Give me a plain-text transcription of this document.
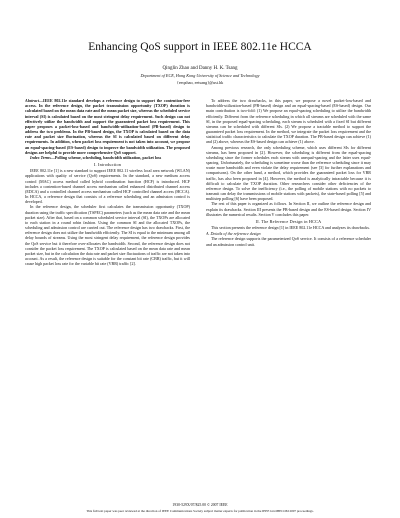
Enhancing QoS support in IEEE 802.11e HCCA
Qinglin Zhao and Danny H. K. Tsang
Department of ECE, Hong Kong University of Science and Technology
{eeqzhao, eetsang}@ust.hk

Abstract—IEEE 802.11e standard develops a reference design to support the contention-free access. In the reference design, the packet transmission opportunity (TXOP) duration is calculated based on the mean data rate and the mean packet size, whereas the scheduled service interval (SI) is calculated based on the most stringent delay requirement. Such design can not effectively utilize the bandwidth and support the guaranteed packet loss requirement. This paper proposes a packet-loss-based and bandwidth-utilization-based (PB-based) design to address the two problems. In the PB-based design, the TXOP is calculated based on the data rate and packet size fluctuation, whereas the SI is calculated based on different delay requirements. In addition, when packet loss requirement is not taken into account, we propose an equal-spacing-based (ES-based) design to improve the bandwidth utilization. The proposed designs are helpful to provide more comprehensive QoS support.

Index Terms—Polling scheme, scheduling, bandwidth utilization, packet loss

I. Introduction

IEEE 802.11e [1] is a new standard to support IEEE 802.11 wireless local area network (WLAN) applications with quality of service (QoS) requirements. In the standard, a new medium access control (MAC) access method called hybrid coordination function (HCF) is introduced. HCF includes a contention-based channel access mechanism called enhanced distributed channel access (EDCA) and a controlled channel access mechanism called HCF controlled channel access (HCCA). In HCCA, a reference design that consists of a reference scheduling and an admission control is developed.

In the reference design, the scheduler first calculates the transmission opportunity (TXOP) duration using the traffic specification (TSPEC) parameters (such as the mean data rate and the mean packet size). After that, based on a common scheduled service interval (SI), the TXOPs are allocated to each station in a round robin fashion. Using the common SI and the allocated TXOPs, the scheduling and admission control are carried out. The reference design has two drawbacks. First, the reference design does not utilize the bandwidth efficiently. The SI is equal to the minimum among all delay bounds of streams. Using the most stringent delay requirement, the reference design provides the QoS service but it therefore over-allocates the bandwidth. Second, the reference design does not consider the packet loss requirement. The TXOP is calculated based on the mean data rate and mean packet size, but in the calculation the data rate and packet size fluctuations of traffic are not taken into account. As a result, the reference design is suitable for the constant bit rate (CBR) traffic, but it will cause high packet loss rate for the variable bit rate (VBR) traffic [2].

To address the two drawbacks, in this paper, we propose a novel packet-loss-based and bandwidth-utilization-based (PB-based) design and an equal-spacing-based (ES-based) design. Our main contribution is two-fold: (1) We propose an equal-spacing scheduling to utilize the bandwidth efficiently. Different from the reference scheduling in which all streams are scheduled with the same SI, in the proposed equal-spacing scheduling, each stream is scheduled with a fixed SI but different streams can be scheduled with different SIs. (2) We propose a tractable method to support the guaranteed packet loss requirement. In the method, we integrate the packet loss requirement and the statistical traffic characteristics to calculate the TXOP duration. The PB-based design can achieve (1) and (2) above, whereas the ES-based design can achieve (1) above.

Among previous research, the only scheduling scheme, which uses different SIs for different streams, has been proposed in [2]. However, the scheduling is different from the equal-spacing scheduling since the former schedules each stream with unequal-spacing and the latter uses equal-spacing. Unfortunately, the scheduling is sometime worse than the reference scheduling since it may waste more bandwidth and even violate the delay requirement (see [3] for further explanations and comparisons). On the other hand, a method, which provides the guaranteed packet loss for VBR traffic, has also been proposed in [4]. However, the method is analytically intractable because it is difficult to calculate the TXOP duration. Other researchers consider other deficiencies of the reference design. To solve the inefficiency (i.e., the polling of mobile stations with no packets to transmit can delay the transmissions of mobile stations with packets), the state-based polling [5] and multistep polling [6] have been proposed.

The rest of this paper is organized as follows. In Section II, we outline the reference design and explain its drawbacks. Section III presents the PB-based design and the ES-based design. Section IV illustrates the numerical results. Section V concludes this paper.

II. The Reference Design in HCCA

This section presents the reference design [1] in IEEE 802.11e HCCA and analyzes its drawbacks.

A. Details of the reference design

The reference design supports the parameterized QoS service. It consists of a reference scheduler and an admission control unit.

1930-529X/07/$25.00 © 2007 IEEE
This full text paper was peer reviewed at the direction of IEEE Communications Society subject matter experts for publication in the IEEE GLOBECOM 2007 proceedings.
